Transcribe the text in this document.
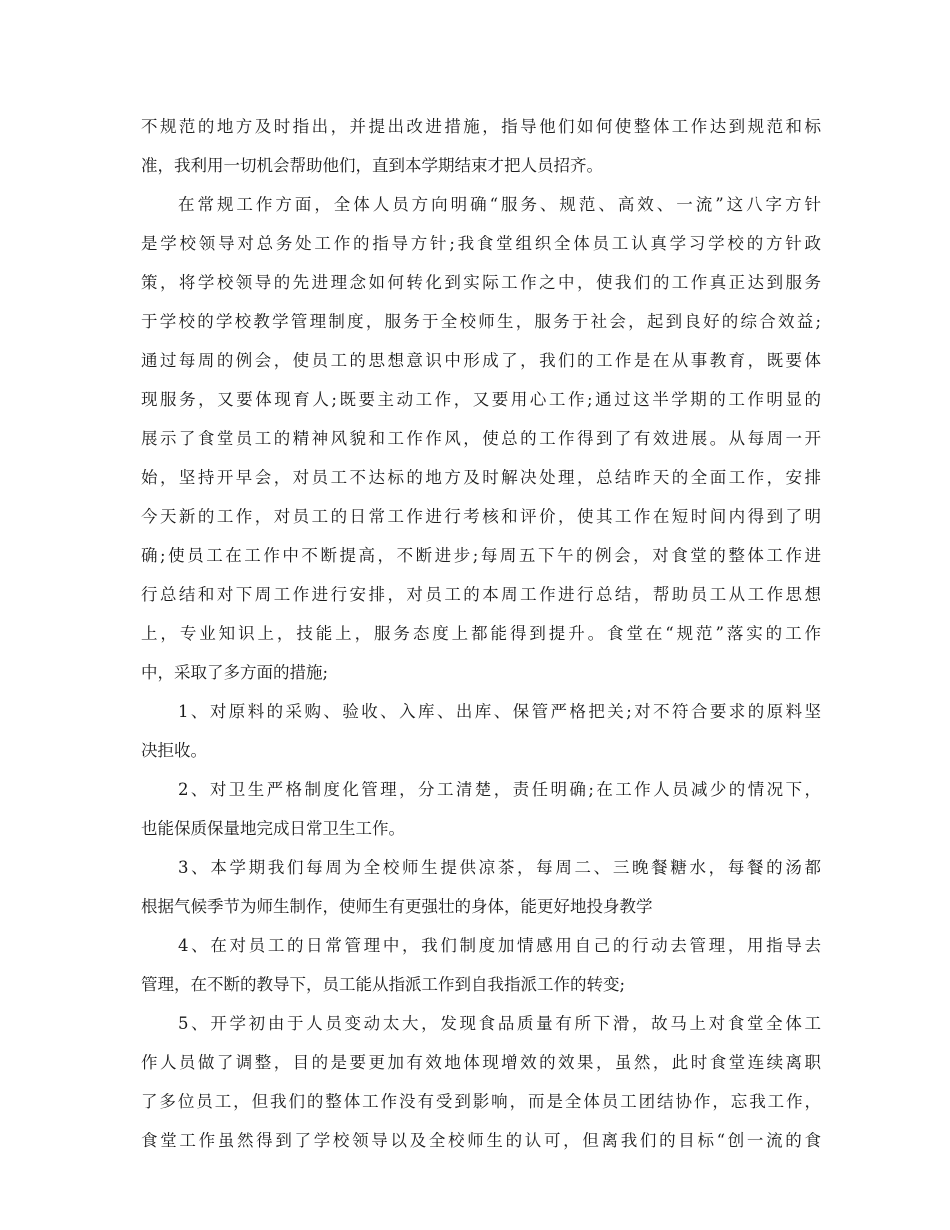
不规范的地方及时指出，并提出改进措施，指导他们如何使整体工作达到规范和标
准，我利用一切机会帮助他们，直到本学期结束才把人员招齐。
在常规工作方面，全体人员方向明确“服务、规范、高效、一流”这八字方针
是学校领导对总务处工作的指导方针;我食堂组织全体员工认真学习学校的方针政
策，将学校领导的先进理念如何转化到实际工作之中，使我们的工作真正达到服务
于学校的学校教学管理制度，服务于全校师生，服务于社会，起到良好的综合效益;
通过每周的例会，使员工的思想意识中形成了，我们的工作是在从事教育，既要体
现服务，又要体现育人;既要主动工作，又要用心工作;通过这半学期的工作明显的
展示了食堂员工的精神风貌和工作作风，使总的工作得到了有效进展。从每周一开
始，坚持开早会，对员工不达标的地方及时解决处理，总结昨天的全面工作，安排
今天新的工作，对员工的日常工作进行考核和评价，使其工作在短时间内得到了明
确;使员工在工作中不断提高，不断进步;每周五下午的例会，对食堂的整体工作进
行总结和对下周工作进行安排，对员工的本周工作进行总结，帮助员工从工作思想
上，专业知识上，技能上，服务态度上都能得到提升。食堂在“规范”落实的工作
中，采取了多方面的措施;
1、对原料的采购、验收、入库、出库、保管严格把关;对不符合要求的原料坚
决拒收。
2、对卫生严格制度化管理，分工清楚，责任明确;在工作人员减少的情况下，
也能保质保量地完成日常卫生工作。
3、本学期我们每周为全校师生提供凉茶，每周二、三晚餐糖水，每餐的汤都
根据气候季节为师生制作，使师生有更强壮的身体，能更好地投身教学
4、在对员工的日常管理中，我们制度加情感用自己的行动去管理，用指导去
管理，在不断的教导下，员工能从指派工作到自我指派工作的转变;
5、开学初由于人员变动太大，发现食品质量有所下滑，故马上对食堂全体工
作人员做了调整，目的是要更加有效地体现增效的效果，虽然，此时食堂连续离职
了多位员工，但我们的整体工作没有受到影响，而是全体员工团结协作，忘我工作，
食堂工作虽然得到了学校领导以及全校师生的认可，但离我们的目标“创一流的食
